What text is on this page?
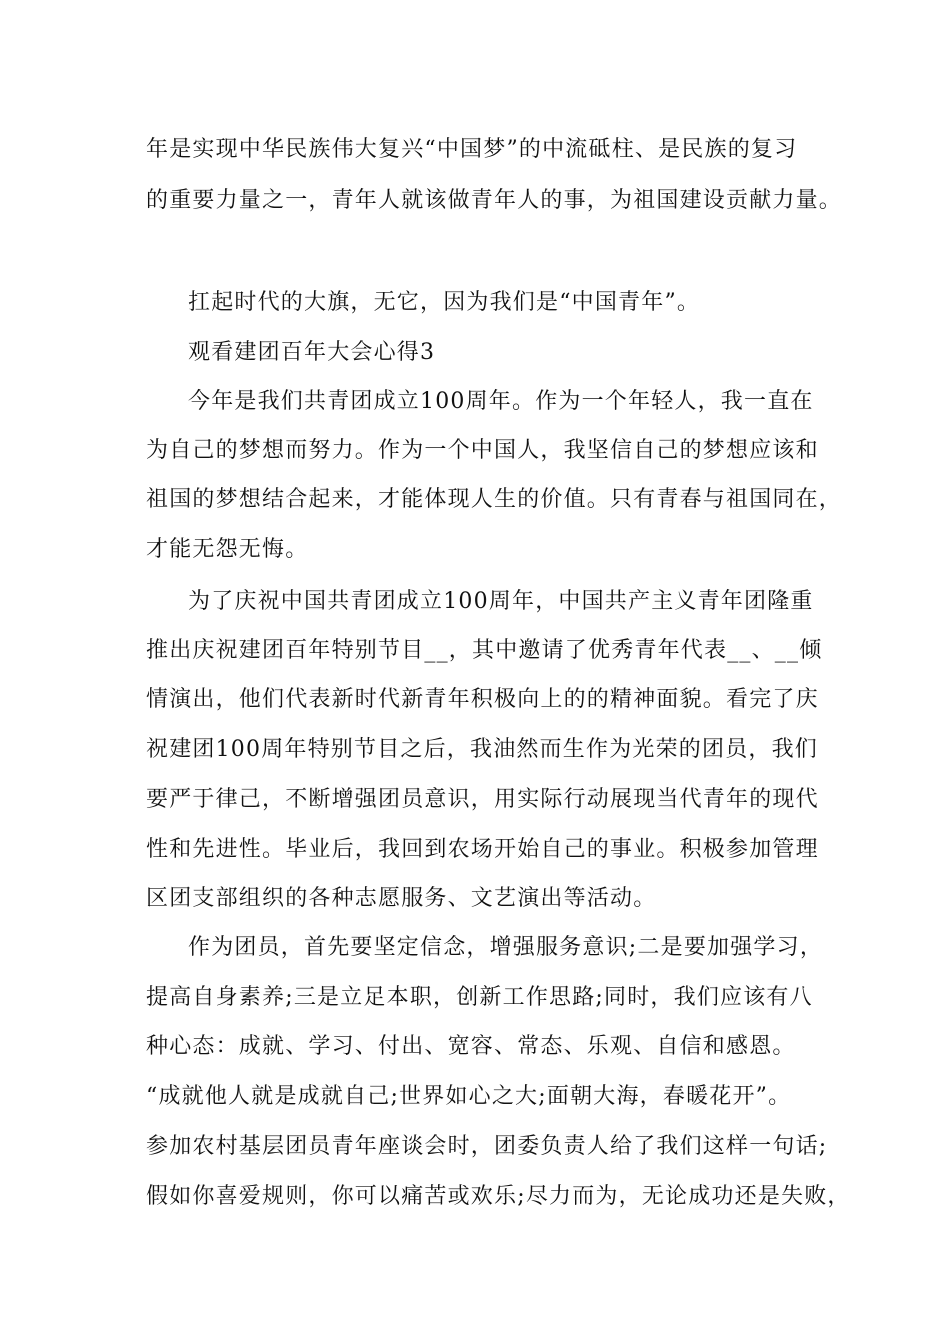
年是实现中华民族伟大复兴“中国梦”的中流砥柱、是民族的复习

的重要力量之一，青年人就该做青年人的事，为祖国建设贡献力量。

扛起时代的大旗，无它，因为我们是“中国青年”。

观看建团百年大会心得3

今年是我们共青团成立100周年。作为一个年轻人，我一直在

为自己的梦想而努力。作为一个中国人，我坚信自己的梦想应该和

祖国的梦想结合起来，才能体现人生的价值。只有青春与祖国同在，

才能无怨无悔。

为了庆祝中国共青团成立100周年，中国共产主义青年团隆重

推出庆祝建团百年特别节目__，其中邀请了优秀青年代表__、__倾

情演出，他们代表新时代新青年积极向上的的精神面貌。看完了庆

祝建团100周年特别节目之后，我油然而生作为光荣的团员，我们

要严于律己，不断增强团员意识，用实际行动展现当代青年的现代

性和先进性。毕业后，我回到农场开始自己的事业。积极参加管理

区团支部组织的各种志愿服务、文艺演出等活动。

作为团员，首先要坚定信念，增强服务意识;二是要加强学习，

提高自身素养;三是立足本职，创新工作思路;同时，我们应该有八

种心态：成就、学习、付出、宽容、常态、乐观、自信和感恩。

“成就他人就是成就自己;世界如心之大;面朝大海，春暖花开”。

参加农村基层团员青年座谈会时，团委负责人给了我们这样一句话;

假如你喜爱规则，你可以痛苦或欢乐;尽力而为，无论成功还是失败，
